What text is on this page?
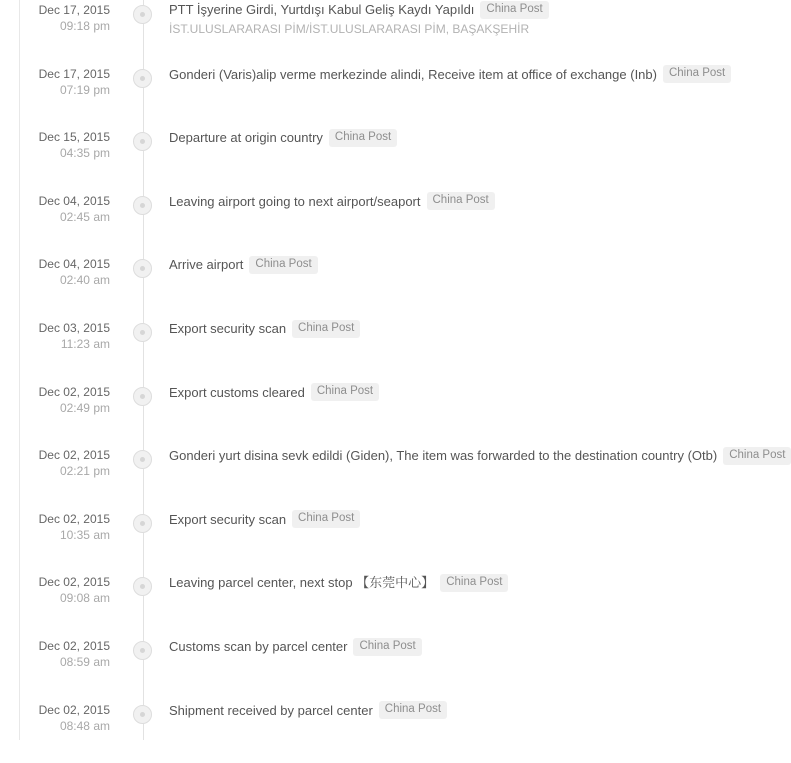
Dec 17, 2015
09:18 pm
PTT İşyerine Girdi, Yurtdışı Kabul Geliş Kaydı Yapıldı China Post
İST.ULUSLARARASI PİM/İST.ULUSLARARASI PİM, BAŞAKŞEHİR
Dec 17, 2015
07:19 pm
Gonderi (Varis)alip verme merkezinde alindi, Receive item at office of exchange (Inb) China Post
Dec 15, 2015
04:35 pm
Departure at origin country China Post
Dec 04, 2015
02:45 am
Leaving airport going to next airport/seaport China Post
Dec 04, 2015
02:40 am
Arrive airport China Post
Dec 03, 2015
11:23 am
Export security scan China Post
Dec 02, 2015
02:49 pm
Export customs cleared China Post
Dec 02, 2015
02:21 pm
Gonderi yurt disina sevk edildi (Giden), The item was forwarded to the destination country (Otb) China Post
Dec 02, 2015
10:35 am
Export security scan China Post
Dec 02, 2015
09:08 am
Leaving parcel center, next stop 【东莞中心】 China Post
Dec 02, 2015
08:59 am
Customs scan by parcel center China Post
Dec 02, 2015
08:48 am
Shipment received by parcel center China Post
